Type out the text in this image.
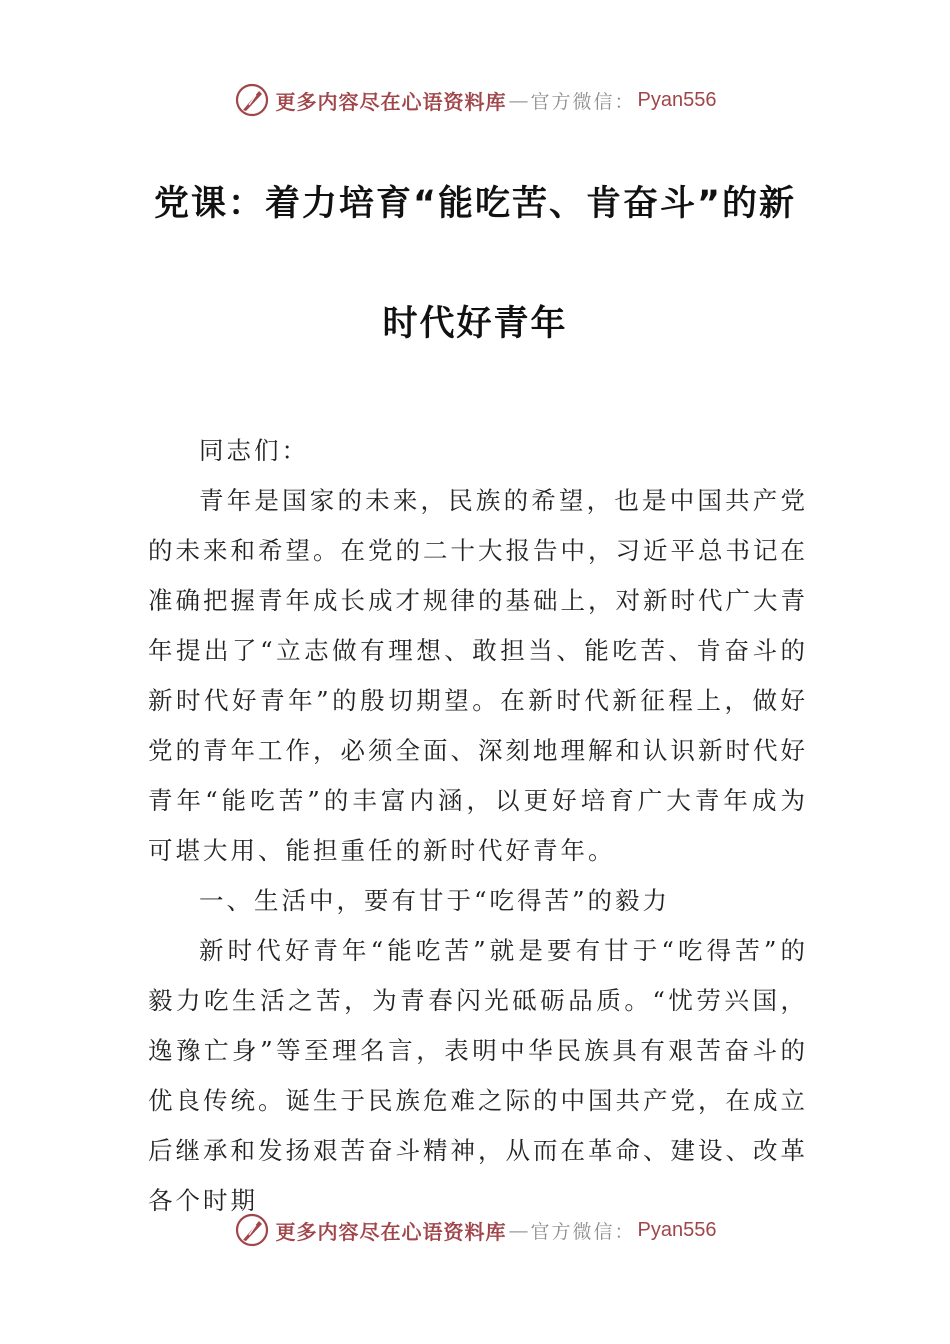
更多内容尽在心语资料库 — 官方微信： Pyan556
党课：着力培育“能吃苦、肯奋斗”的新
时代好青年

同志们：

青年是国家的未来，民族的希望，也是中国共产党的未来和希望。在党的二十大报告中，习近平总书记在准确把握青年成长成才规律的基础上，对新时代广大青年提出了“立志做有理想、敢担当、能吃苦、肯奋斗的新时代好青年”的殷切期望。在新时代新征程上，做好党的青年工作，必须全面、深刻地理解和认识新时代好青年“能吃苦”的丰富内涵，以更好培育广大青年成为可堪大用、能担重任的新时代好青年。

一、生活中，要有甘于“吃得苦”的毅力

新时代好青年“能吃苦”就是要有甘于“吃得苦”的毅力吃生活之苦，为青春闪光砥砺品质。“忧劳兴国，逸豫亡身”等至理名言，表明中华民族具有艰苦奋斗的优良传统。诞生于民族危难之际的中国共产党，在成立后继承和发扬艰苦奋斗精神，从而在革命、建设、改革各个时期

更多内容尽在心语资料库 — 官方微信： Pyan556
